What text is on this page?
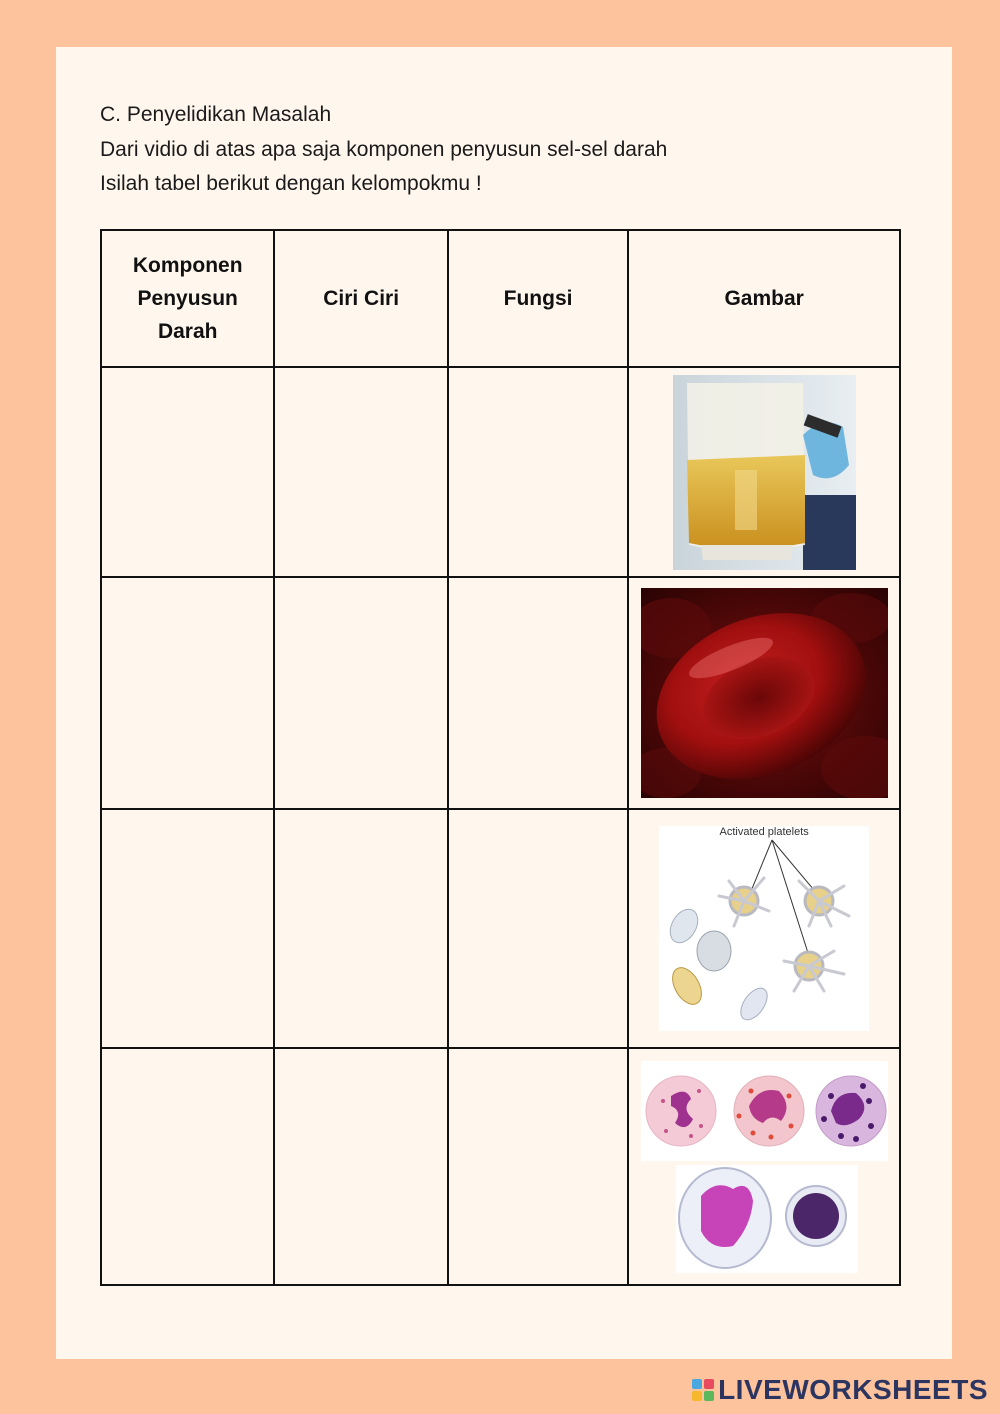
C. Penyelidikan Masalah
Dari vidio di atas apa saja komponen penyusun sel-sel darah
Isilah tabel berikut dengan kelompokmu !
Komponen Penyusun Darah	Ciri Ciri	Fungsi	Gambar

			Activated platelets

LIVEWORKSHEETS
